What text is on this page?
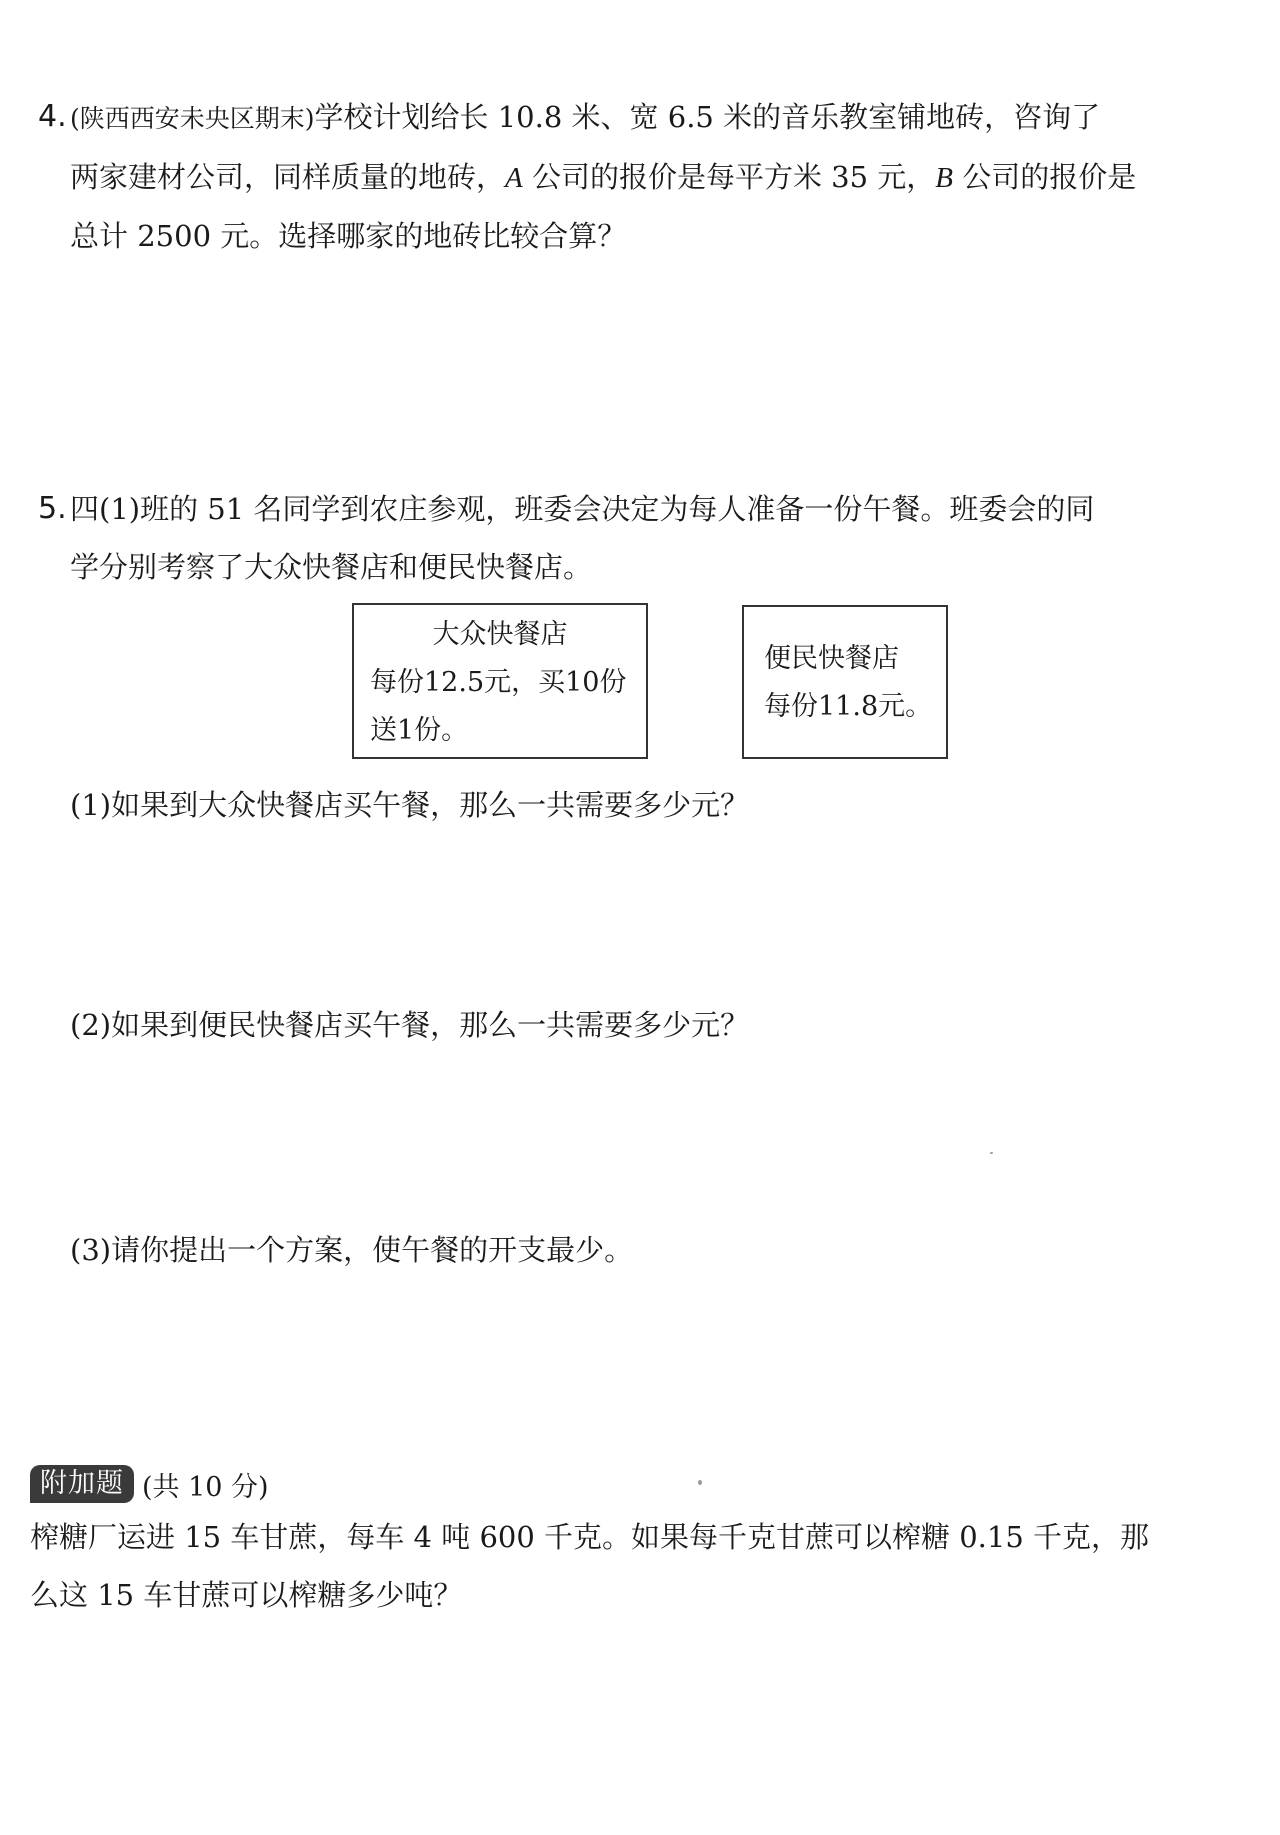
4. (陕西西安未央区期末)学校计划给长 10.8 米、宽 6.5 米的音乐教室铺地砖，咨询了
两家建材公司，同样质量的地砖，A 公司的报价是每平方米 35 元，B 公司的报价是
总计 2500 元。选择哪家的地砖比较合算？
5. 四(1)班的 51 名同学到农庄参观，班委会决定为每人准备一份午餐。班委会的同
学分别考察了大众快餐店和便民快餐店。
大众快餐店
每份12.5元，买10份
送1份。
便民快餐店
每份11.8元。
(1)如果到大众快餐店买午餐，那么一共需要多少元？
(2)如果到便民快餐店买午餐，那么一共需要多少元？
(3)请你提出一个方案，使午餐的开支最少。
附加题 (共 10 分)
榨糖厂运进 15 车甘蔗，每车 4 吨 600 千克。如果每千克甘蔗可以榨糖 0.15 千克，那
么这 15 车甘蔗可以榨糖多少吨？
